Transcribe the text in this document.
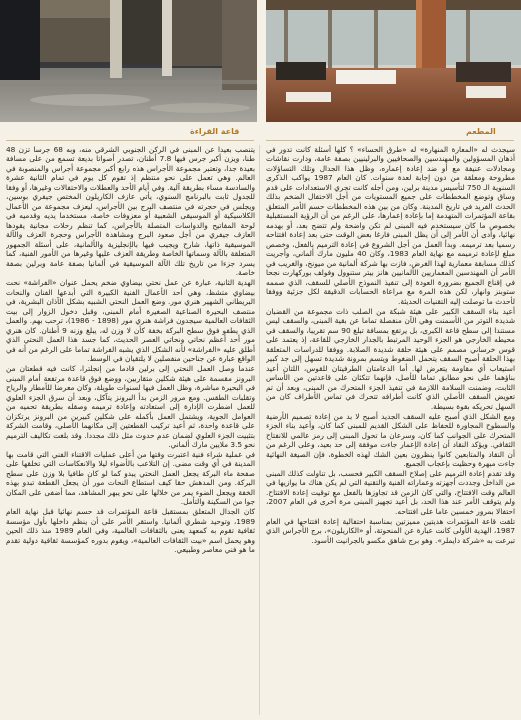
قاعة القراءة	المطعم

سيجدث له «المعارة المنهارة» له «طرق الحساء» ؟ كلها أسئلة كانت تدور في أذهان المسؤولين والمهندسين والصحافيين والبرلينيين بصفة عامة، ودارت نقاشات ومجادلات عنيفة مع أو ضد إعادة إعماره، وظل هذا الجدال وتلك التساؤلات مطروحة ومعلقة من دون إجابة لعدة سنوات. كان العام 1987 يواكب الذكرى السنوية الـ 750 لتأسيس مدينة برلين، ومن أجله كانت تجري الاستعدادات على قدم وساق وتوضع المخططات على جميع المستويات من أجل الاحتفال الضخم بذلك الحدث الفريد في تاريخ المدينة. وكان من بين هذه المخططات حسم الأمر المتعلق بقاعة المؤتمرات المتهدمة إما بإعادة إعمارها، على الرغم من أن الرؤية المستقبلية بخصوص ما كان سيستخدم فيه المبنى لم تكن واضحة ولم تتضح بعد، أو بهدمه نهائيا، وأدى أن الأمر إلى أن يظل المبنى فارغا بعض الوقت حتى بعد إعادة افتتاحه رسميا بعد ترميمه. وبدأ العمل من أجل الشروع في إعادة الترميم بالفعل، وخصص مبلغ لإعادة ترميمه مع نهاية العام 1983، وكان 40 مليون مارك ألماني، وأجريت كذلك مسابقة معمارية لهذا الغرض، فازت بها شركة ألمانية من ميونخ، والغريب في الأمر أن المهندسين المعماريين الألمانيين هانز بيتر ستنوول وفولف بوركهارت نجحا في إقناع الجميع بضرورة العودة إلى تنفيذ النموذج الأصلي للسقف، الذي صممه ستوبنز وانهار، لكن هذه المرة مع مراعاة الحسابات الدقيقة لكل جزئية ووفقا لأحدث ما توصلت إليه التقنيات الحديثة.

أعيد بناء السقف الكبير على هيئة شبكة من الصلب ذات مجموعة من القضبان شديدة التوتر من الأسمنت وهي الآن منفصلة تماما عن بقية المبنى، والسقف ليس مستندا إلى سطح قاعة الكبرى، بل يرتفع بمسافة تبلغ 90 سم تقريبا، والسقف في محيطه الخارجي هو الجزء الوحيد المرتبط بالجدار الخارجي للقاعة، إذ يعتمد على قوس خرساني مصمم على هيئة حلقة شديدة الصلابة. ووفقا للدراسات المتعلقة بهذا الحلقة أصبح السقف يتحمل الضغوط ويتسم بمرونة شديدة تسهل إلى جد كبير استيعاب أي مقاومة يتعرض لها. أما الدعامتان الطرفيتان للقوس، اللتان أعيد بناؤهما على نحو مطابق تماما للأصل، فإنهما تتكئان على قاعدتين من الأساس الثابت، وضمنت السلامة اللازمة في تنفيذ الجزء المتحرك من المبنى، وبعد أن تم تعويض السقف الأصلي الذي كانت أطرافه تتحرك في تماس الأطراف كان من السهل تحريكه بقوة بسيطة.

ومع الشكل الذي أصبح عليه السقف الجديد أصبح لا بد من إعادة تصميم الأرضية والسطوح المجاورة للحفاظ على الشكل القديم للمبنى كما كان، وأعيد بناء الجزء المتحرك على الجوانب كما كان، وسرعان ما تحول المبنى إلى رمز عالمي للانفتاح الثقافي. ويؤكد النقاد أن إعادة الإعمار جاءت موفقة إلى حد بعيد، وعلى الرغم من أن النقاد والمتابعين كانوا ينظرون بعين الشك لهذه الخطوة، فإن الصيغة النهائية جاءت مبهرة وحظيت بإعجاب الجميع.

وقد تقدم إعادة الترميم على إصلاح السقف الكبير فحسب، بل تناولت كذلك المبنى من الداخل وجددت أجهزته وعماراته الفنية والتقنية التي لم يكن هناك ما يوازيها في العالم وقت الافتتاح، والتي كان الزمن قد تجاوزها بالفعل مع توقيت إعادة الافتتاح. ولم يتوقف الأمر عند هذا الحد، بل أعيد تجهيز المبنى مرة أخرى في العام 2007، احتفالا بمرور خمسين عاما على افتتاحه.

تلقت قاعة المؤتمرات هديتين مميزتين بمناسبة احتفالية إعادة افتتاحها في العام 1987، الهدية الأولى كانت عبارة عن المنحوتة، أو «الكاريلون»، برج الأجراس الذي تبرعت به «شركة دايملر». وهو برج شاهق مكسو بالجرانيت الأسود.

يتنصب بعيدا عن المبنى في الركن الجنوبي الشرقي منه، وبه 68 جرسا تزن 48 طنا، ويزن أكبر جرس فيها 7.8 أطنان، تصدر أصواتا بديعة تسمع من على مسافة بعيدة جدا، وتعتبر مجموعة الأجراس هذه رابع أكبر مجموعة أجراس والمنصوبة في العالم. وهي تعمل على نحو منتظم إذ تقوم كل يوم في تمام الثانية عشرة والسادسة مساء بطريقة آلية. وفي أيام الأحد والعطلات والاحتفالات وغيرها، أو وفقا للجدول ثابت بالبرنامج السنوي، يأتي عازف الكاريلون المختص جيفري بوسين، ويجلس في حجرته في منتصف البرج بين الأجراس، ليعزف مجموعة من الأعمال الكلاسيكية أو الموسيقى الشعبية أو معزوفات خاصة، مستخدما يديه وقدميه في لوحة المفاتيح والدواسات المتصلة بالأجراس، كما تنظم رحلات مجانية يقودها العازف جيفري من أجل صعود البرج ومشاهدة الأجراس وحجرة العزف والآلة الموسيقية ذاتها، شارح ويجيب فيها بالإنجليزية والألمانية، على أسئلة الجمهور المتعلقة بالآلة وسماتها الخاصة وطريقة العزف عليها وغيرها من الأمور الفنية، كما يسرد جزءا من تاريخ تلك الآلة الموسيقية في ألمانيا بصفة عامة وبرلين بصفة خاصة.

الهدية الثانية، عبارة عن عمل نحتي بيضاوي ضخم يحمل عنوان «الفراشة» نحت بيضاوي متشظ، وهي أحد الأعمال الفنية الكبيرة التي أبدعها الفنان والنحات البريطاني الشهير هنري مور. وضع العمل النحتي الشبيه بشكل الآذان البشرية، في منتصف البحيرة الصناعية الصغيرة أمام المبنى، وقبل دخول الزوار إلى بيت الثقافات العالمية سيجدون فراشة هنري مور (1898 - 1986)، ترحب بهم. والعمل الذي يطفو فوق سطح البركة بخفة كأن لا وزن له، يبلغ وزنه 9 أطنان. كان هنري مور أحد أعظم نحاتي ونحاتي العصر الحديث، كما جسد هذا العمل النحتي الذي أطلق عليه «الفراشة» لأنه الشكل الذي يشبه الفراشة تماما على الرغم من أنه في الواقع عبارة عن جناحين منفصلين لا يلتقيان في الوسط.

عندما وصل العمل النحتي إلى برلين قادما من إنجلترا، كانت فيه قطعتان من البرونز مقسمة على هيئة شكلين متقاربين، ووضع فوق قاعدة مرتفعة أمام المبنى في البحيرة مباشرة، وظل العمل فيها لسنوات طويلة، وكان معرضا للأمطار والرياح وتقلبات الطقس. ومع مرور الزمن بدأ البرونز يتآكل، وبعد أن سرق الجزء العلوي للعمل اضطرت الإدارة إلى استعادته وإعادة ترميمه وصقله بطريقة تحميه من العوامل الجوية، ويشتمل العمل بأكمله على شكلين كبيرين من البرونز يرتكزان على قاعدة واحدة، ثم أعيد تركيب القطعتين إلى مكانهما الأصلي، وقامت الشركة بتثبيت الجزء العلوي لضمان عدم حدوث مثل ذلك مجددا. وقد بلغت تكاليف الترميم نحو 3.5 ملايين مارك ألماني.

في عملية شراء فنية اعتبرت وقتها من أعلى عمليات الاقتناء الفني التي قامت بها المدينة في أي وقت مضى. إن التلاعب بالأضواء ليلا والانعكاسات التي تخلقها على صفحة ماء البركة يجعل العمل النحتي يبدو كما لو كان طافيا بلا وزن على سطح البركة. ومن المدهش حقا كيف استطاع النحات مور أن يجعل القطعة تبدو بهذه الخفة ويجعل الضوء يمر من خلالها على نحو يبهر المشاهد، مما أضفى على المكان جوا من السكينة والتأمل.

كان الجدال المتعلق بمستقبل قاعة المؤتمرات قد حسم نهائيا قبل نهاية العام 1989، وتوحيد شطري ألمانيا. واستقر الأمر على أن ينظم داخلها بأول مؤسسة ثقافية تقوم به كمعهد يعنى بالثقافات العالمية، وفي العام 1989 منذ ذلك الحين وهو يحمل اسم «بيت الثقافات العالمية»، ويقوم بدوره كمؤسسة ثقافية دولية تقدم ما هو فني معاصر وطبيعي.
